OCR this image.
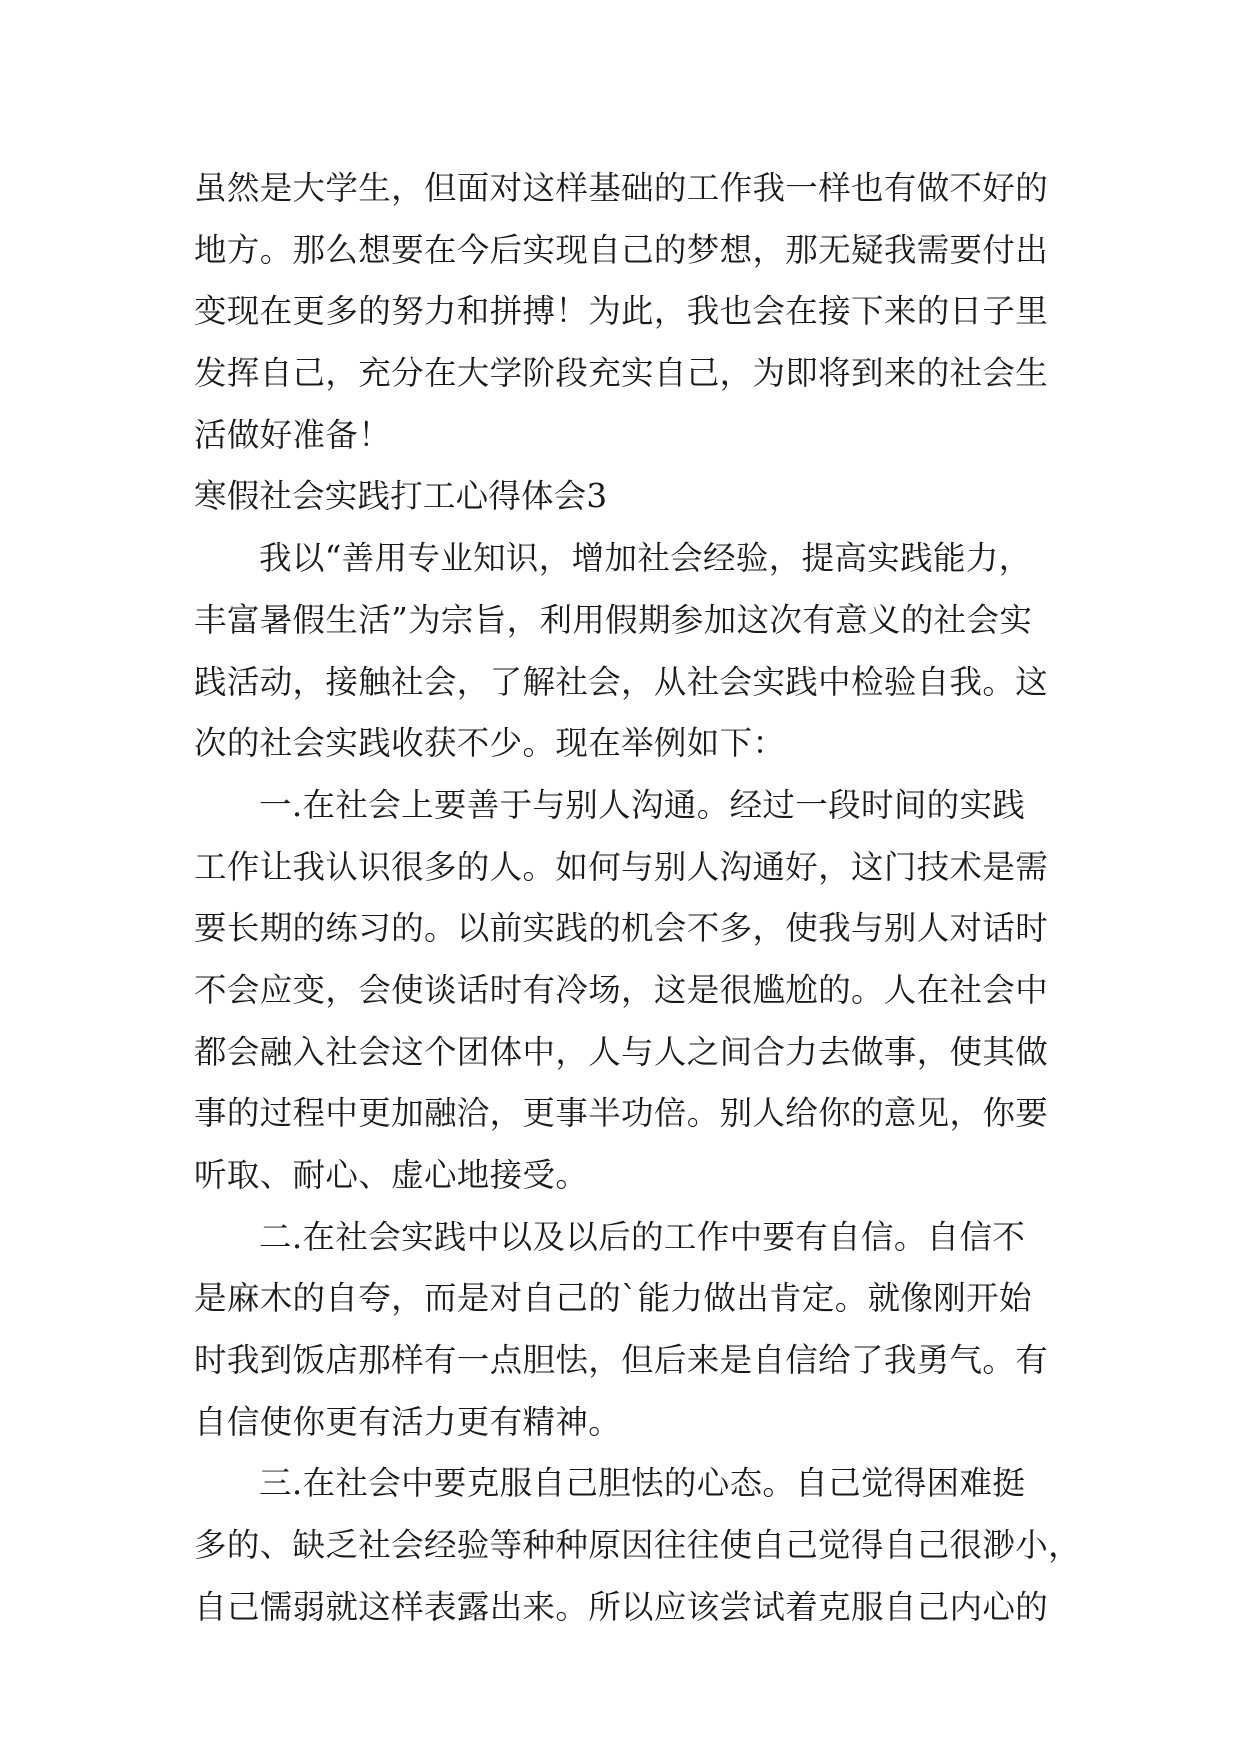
虽然是大学生，但面对这样基础的工作我一样也有做不好的
地方。那么想要在今后实现自己的梦想，那无疑我需要付出
变现在更多的努力和拼搏！为此，我也会在接下来的日子里
发挥自己，充分在大学阶段充实自己，为即将到来的社会生
活做好准备！
寒假社会实践打工心得体会3
我以“善用专业知识，增加社会经验，提高实践能力，
丰富暑假生活”为宗旨，利用假期参加这次有意义的社会实
践活动，接触社会，了解社会，从社会实践中检验自我。这
次的社会实践收获不少。现在举例如下：
一.在社会上要善于与别人沟通。经过一段时间的实践
工作让我认识很多的人。如何与别人沟通好，这门技术是需
要长期的练习的。以前实践的机会不多，使我与别人对话时
不会应变，会使谈话时有冷场，这是很尴尬的。人在社会中
都会融入社会这个团体中，人与人之间合力去做事，使其做
事的过程中更加融洽，更事半功倍。别人给你的意见，你要
听取、耐心、虚心地接受。
二.在社会实践中以及以后的工作中要有自信。自信不
是麻木的自夸，而是对自己的`能力做出肯定。就像刚开始
时我到饭店那样有一点胆怯，但后来是自信给了我勇气。有
自信使你更有活力更有精神。
三.在社会中要克服自己胆怯的心态。自己觉得困难挺
多的、缺乏社会经验等种种原因往往使自己觉得自己很渺小，
自己懦弱就这样表露出来。所以应该尝试着克服自己内心的
